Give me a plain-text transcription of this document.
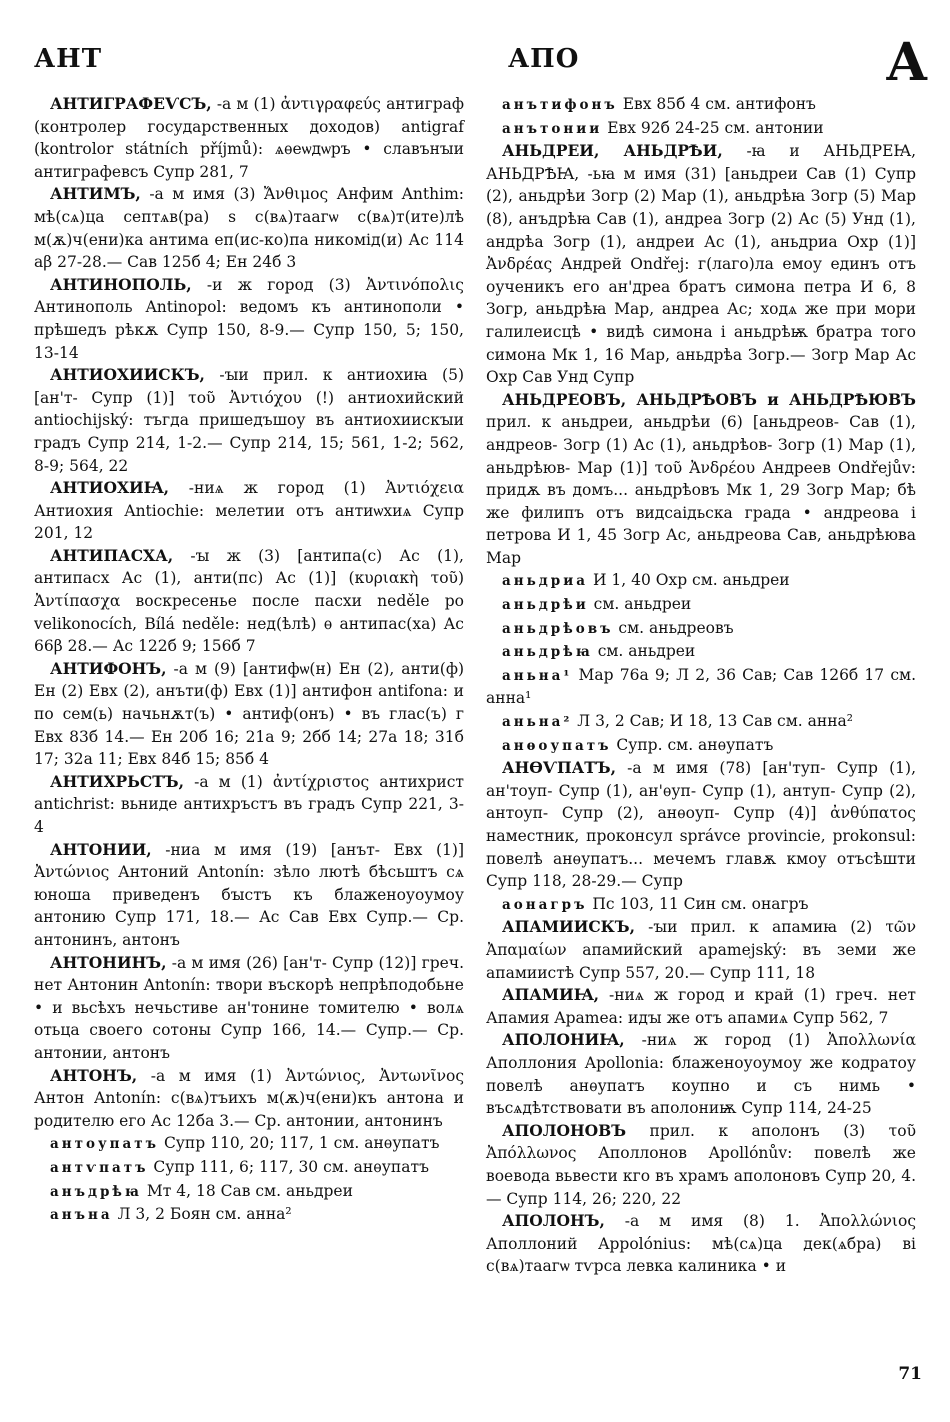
АНТ	АПО	А

АНТИГРАФЕѴСЪ, -а м (1) ἀντιγραφεύς антиграф (контролер государственных доходов) antigraf (kontrolor státních příjmů): ѧѳеѡдѡръ • славънꙑи антиграфевсъ Супр 281, 7

АНТИМЪ, -а м имя (3) Ἄνθιμος Анфим Anthim: мѣ(сѧ)ца септѧв(ра) ѕ с(вѧ)таагѡ с(вѧ)т(ите)лѣ м(ѫ)ч(ени)ка антима еп(ис-ко)па никомід(и) Ас 114 аβ 27-28.— Сав 125б 4; Ен 24б 3

АНТИНОПОЛЬ, -и ж город (3) Ἀντινόπολις Антинополь Antinopol: ведомъ къ антинополи • прѣшедъ рѣкѫ Супр 150, 8-9.— Супр 150, 5; 150, 13-14

АНТИОХИИСКЪ, -ꙑи прил. к антиохиꙗ (5) [ан'т- Супр (1)] τοῦ Ἀντιόχου (!) антиохийский antiochijský: тъгда пришедъшоу въ антиохиискꙑи градъ Супр 214, 1-2.— Супр 214, 15; 561, 1-2; 562, 8-9; 564, 22

АНТИОХИꙖ, -ниѧ ж город (1) Ἀντιόχεια Антиохия Antiochie: мелетии отъ антиѡхиѧ Супр 201, 12

АНТИПАСХА, -ꙑ ж (3) [антипа(с) Ас (1), антипасх Ас (1), анти(пс) Ас (1)] (κυριακὴ τοῦ) Ἀντίπασχα воскресенье после пасхи neděle po velikonocích, Bílá neděle: нед(ѣлѣ) ѳ антипас(ха) Ас 66β 28.— Ас 122б 9; 156б 7

АНТИФОНЪ, -а м (9) [антифѡ(н) Ен (2), анти(ф) Ен (2) Евх (2), анъти(ф) Евх (1)] антифон antifona: и по сем(ь) начьнѫт(ъ) • антиф(онъ) • въ глас(ъ) г Евх 83б 14.— Ен 20б 16; 21а 9; 2бб 14; 27а 18; 31б 17; 32а 11; Евх 84б 15; 85б 4

АНТИХРЬСТЪ, -а м (1) ἀντίχριστος антихрист antichrist: вьниде антихръстъ въ градъ Супр 221, 3-4

АНТОНИИ, -ниа м имя (19) [анът- Евх (1)] Ἀντώνιος Антоний Antonín: зѣло лютѣ бѣсьштъ сѧ юноша приведенъ бꙑстъ къ блаженоуоумоу антонию Супр 171, 18.— Ас Сав Евх Супр.— Ср. антонинъ, антонъ

АНТОНИНЪ, -а м имя (26) [ан'т- Супр (12)] греч. нет Антонин Antonín: твори въскорѣ непрѣподобьне • и вьсѣхъ нечьстиве ан'тонине томителю • волѧ отьца своего сотоны Супр 166, 14.— Супр.— Ср. антонии, антонъ

АНТОНЪ, -а м имя (1) Ἀντώνιος, Ἀντωνῖνος Антон Antonín: с(вѧ)тъихъ м(ѫ)ч(ени)къ антона и родителю его Ас 12ба 3.— Ср. антонии, антонинъ

антоупатъ Супр 110, 20; 117, 1 см. анѳупатъ

антѵпатъ Супр 111, 6; 117, 30 см. анѳупатъ

анъдрѣꙗ Мт 4, 18 Сав см. аньдреи

анъна Л 3, 2 Боян см. анна²

анътифонъ Евх 85б 4 см. антифонъ

анътонии Евх 92б 24-25 см. антонии

АНЬДРЕИ, АНЬДРѢИ, -ꙗ и АНЬДРЕꙖ, АНЬДРѢꙖ, -ьꙗ м имя (31) [аньдреи Сав (1) Супр (2), аньдрѣи Зогр (2) Мар (1), аньдрѣꙗ Зогр (5) Мар (8), анъдрѣꙗ Сав (1), андреа Зогр (2) Ас (5) Унд (1), андрѣа Зогр (1), андреи Ас (1), аньдриа Охр (1)] Ἀνδρέας Андрей Ondřej: г(лаго)ла емоу единъ отъ оученикъ его ан'дреа братъ симона петра И 6, 8 Зогр, аньдрѣꙗ Мар, андреа Ас; ходѧ же при мори галилеисцѣ • видѣ симона і аньдрѣѭ братра того симона Мк 1, 16 Мар, аньдрѣа Зогр.— Зогр Мар Ас Охр Сав Унд Супр

АНЬДРЕОВЪ, АНЬДРѢОВЪ и АНЬДРѢЮВЪ прил. к аньдреи, аньдрѣи (6) [аньдреов- Сав (1), андреов- Зогр (1) Ас (1), аньдрѣов- Зогр (1) Мар (1), аньдрѣюв- Мар (1)] τοῦ Ἀνδρέου Андреев Ondřejův: придѫ въ домъ... аньдрѣовъ Мк 1, 29 Зогр Мар; бѣ же филипъ отъ видсаідьска града • андреова і петрова И 1, 45 Зогр Ас, аньдреова Сав, аньдрѣюва Мар

аньдриа И 1, 40 Охр см. аньдреи

аньдрѣи см. аньдреи

аньдрѣовъ см. аньдреовъ

аньдрѣꙗ см. аньдреи

аньна¹ Мар 76а 9; Л 2, 36 Сав; Сав 126б 17 см. анна¹

аньна² Л 3, 2 Сав; И 18, 13 Сав см. анна²

анѳоупатъ Супр. см. анѳупатъ

АНѲѴПАТЪ, -а м имя (78) [ан'туп- Супр (1), ан'тоуп- Супр (1), ан'ѳуп- Супр (1), антуп- Супр (2), антоуп- Супр (2), анѳоуп- Супр (4)] ἀνθύπατος наместник, проконсул správce provincie, prokonsul: повелѣ анѳупатъ... мечемъ главѫ кмоу отъсѣшти Супр 118, 28-29.— Супр

аонагръ Пс 103, 11 Син см. онагръ

АПАМИИСКЪ, -ꙑи прил. к апамиꙗ (2) τῶν Ἀπαμαίων апамийский apamejský: въ земи же апамиистѣ Супр 557, 20.— Супр 111, 18

АПАМИꙖ, -ниѧ ж город и край (1) греч. нет Апамия Apamea: идꙑ же отъ апамиѧ Супр 562, 7

АПОЛОНИꙖ, -ниѧ ж город (1) Ἀπολλωνία Аполлония Apollonia: блаженоуоумоу же кодратоу повелѣ анѳупатъ коупно и съ нимь • въсѧдѣтствовати въ аполониѭ Супр 114, 24-25

АПОЛОНОВЪ прил. к аполонъ (3) τοῦ Ἀπόλλωνος Аполлонов Apollónův: повелѣ же воевода вьвести кго въ храмъ аполоновъ Супр 20, 4.— Супр 114, 26; 220, 22

АПОЛОНЪ, -а м имя (8) 1. Ἀπολλώνιος Аполлоний Appolónius: мѣ(сѧ)ца дек(ѧбра) ві с(вѧ)таагѡ тѵрса левка калиника • и

71
